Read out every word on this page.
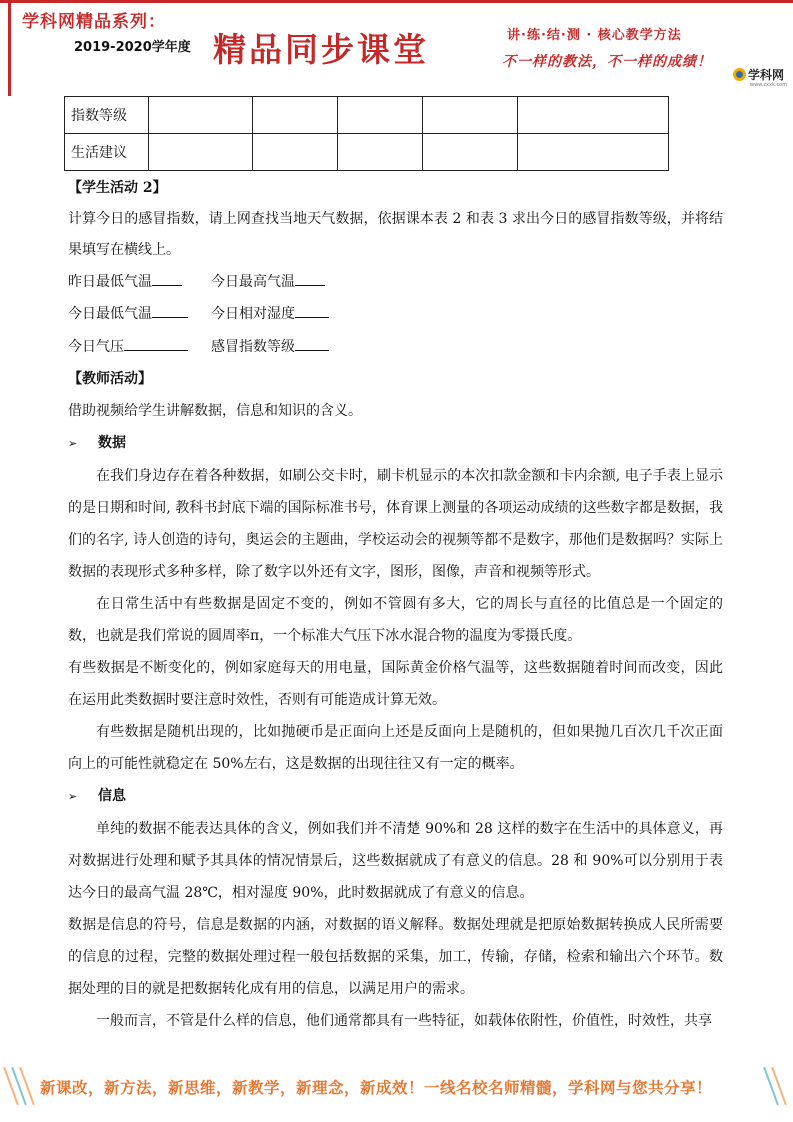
学科网精品系列：
2019-2020学年度 精品同步课堂	讲·练·结·测 · 核心教学方法
不一样的教法，不一样的成绩！
学科网
www.zxxk.com
指数等级					
生活建议					

【学生活动 2】

计算今日的感冒指数，请上网查找当地天气数据，依据课本表 2 和表 3 求出今日的感冒指数等级，并将结果填写在横线上。

昨日最低气温	今日最高气温
今日最低气温	今日相对湿度
今日气压	感冒指数等级

【教师活动】

借助视频给学生讲解数据，信息和知识的含义。

➢ 数据

在我们身边存在着各种数据，如刷公交卡时，刷卡机显示的本次扣款金额和卡内余额, 电子手表上显示的是日期和时间, 教科书封底下端的国际标准书号，体育课上测量的各项运动成绩的这些数字都是数据，我们的名字, 诗人创造的诗句，奥运会的主题曲，学校运动会的视频等都不是数字，那他们是数据吗？实际上数据的表现形式多种多样，除了数字以外还有文字，图形，图像，声音和视频等形式。

在日常生活中有些数据是固定不变的，例如不管圆有多大，它的周长与直径的比值总是一个固定的数，也就是我们常说的圆周率π，一个标准大气压下冰水混合物的温度为零摄氏度。

有些数据是不断变化的，例如家庭每天的用电量，国际黄金价格气温等，这些数据随着时间而改变，因此在运用此类数据时要注意时效性，否则有可能造成计算无效。

有些数据是随机出现的，比如抛硬币是正面向上还是反面向上是随机的，但如果抛几百次几千次正面向上的可能性就稳定在 50%左右，这是数据的出现往往又有一定的概率。

➢ 信息

单纯的数据不能表达具体的含义，例如我们并不清楚 90%和 28 这样的数字在生活中的具体意义，再对数据进行处理和赋予其具体的情况情景后，这些数据就成了有意义的信息。28 和 90%可以分别用于表达今日的最高气温 28℃，相对湿度 90%，此时数据就成了有意义的信息。

数据是信息的符号，信息是数据的内涵，对数据的语义解释。数据处理就是把原始数据转换成人民所需要的信息的过程，完整的数据处理过程一般包括数据的采集，加工，传输，存储，检索和输出六个环节。数据处理的目的就是把数据转化成有用的信息，以满足用户的需求。

一般而言，不管是什么样的信息，他们通常都具有一些特征，如载体依附性，价值性，时效性，共享

新课改，新方法，新思维，新教学，新理念，新成效！一线名校名师精髓，学科网与您共分享！
